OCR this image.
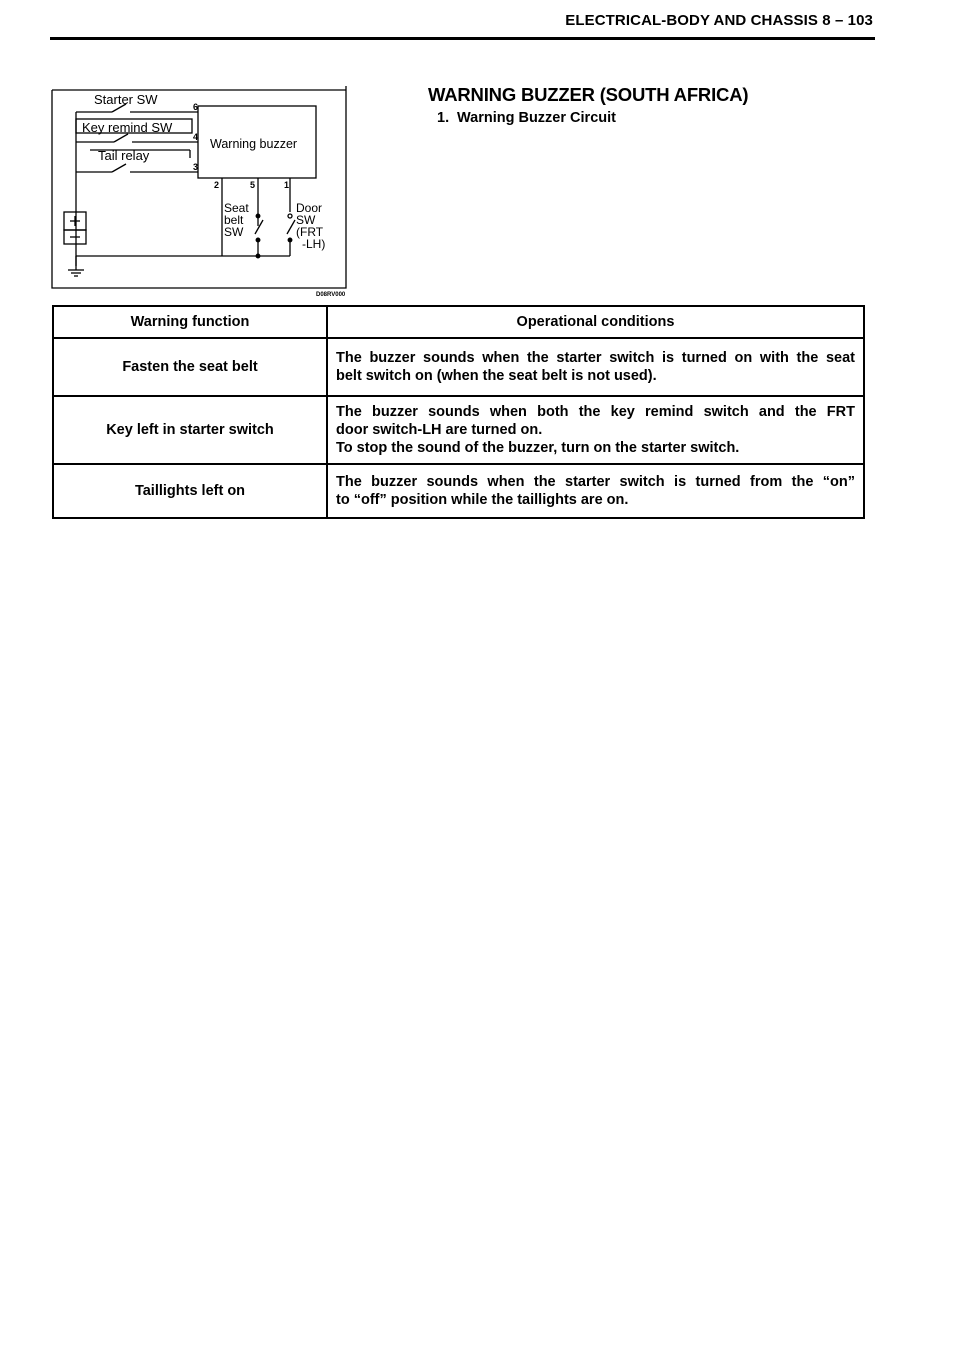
ELECTRICAL-BODY AND CHASSIS 8 – 103
Starter SW
Key remind SW
Tail relay
Warning buzzer
6
4
3
2	5	1
Seat
belt
SW
Door
SW
(FRT
-LH)
D08RV000
WARNING BUZZER (SOUTH AFRICA)
1. Warning Buzzer Circuit
Warning function	Operational conditions
Fasten the seat belt	The buzzer sounds when the starter switch is turned on with the seat
belt switch on (when the seat belt is not used).

Key left in starter switch	The buzzer sounds when both the key remind switch and the FRT
door switch-LH are turned on.
To stop the sound of the buzzer, turn on the starter switch.

Taillights left on	The buzzer sounds when the starter switch is turned from the “on”
to “off” position while the taillights are on.
